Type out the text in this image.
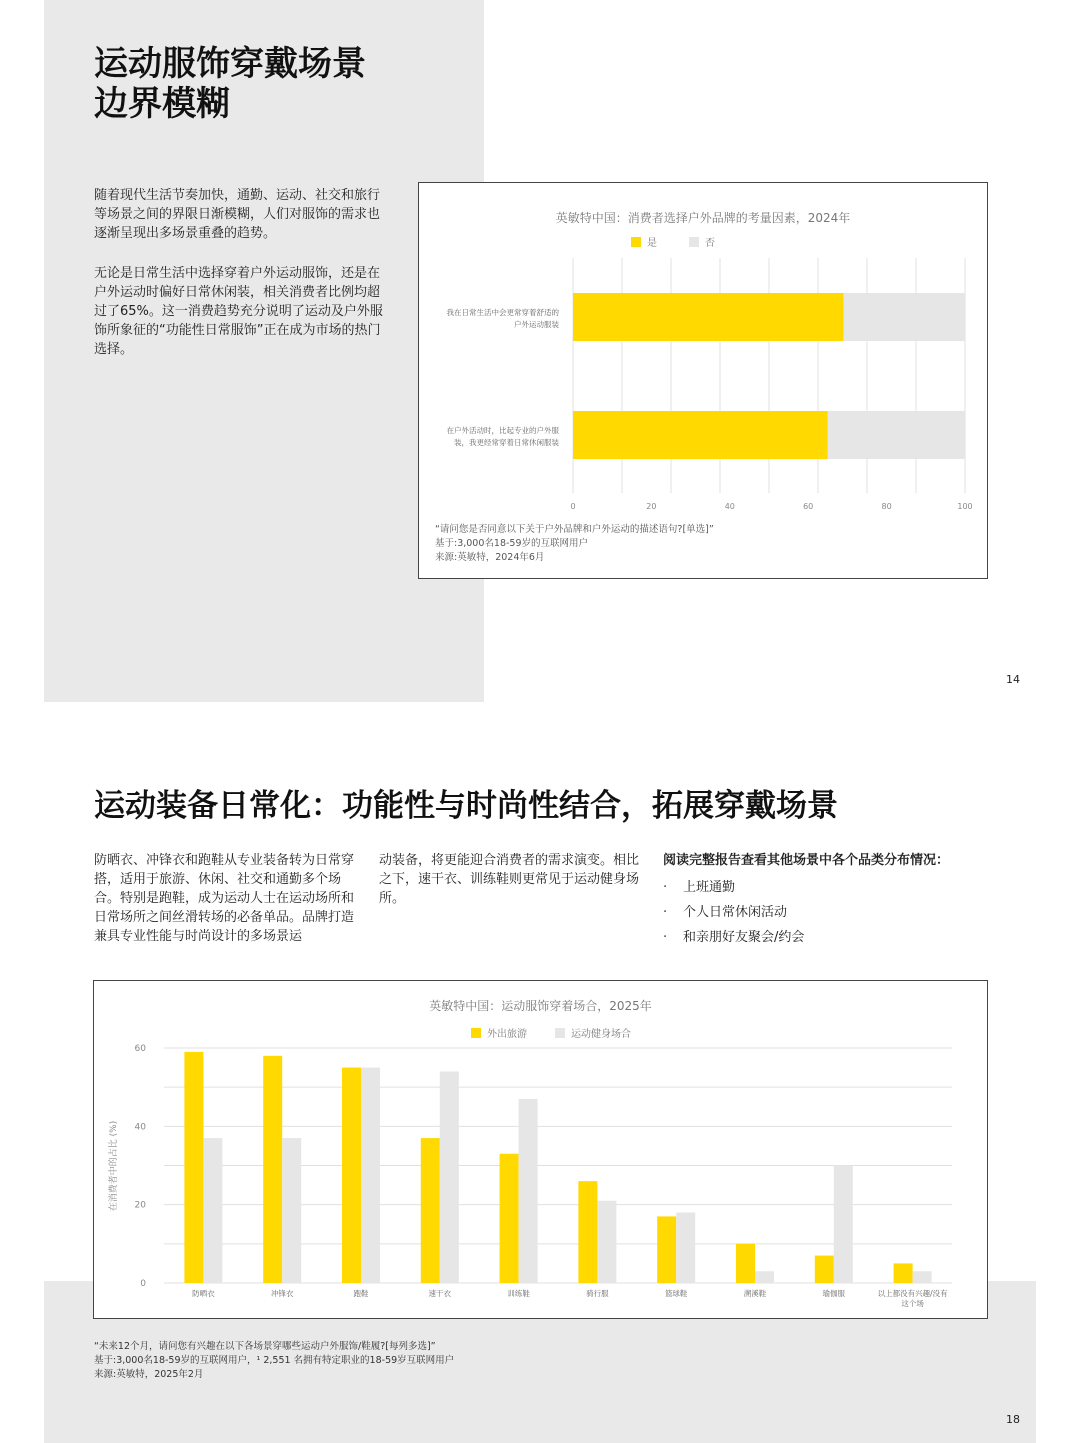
运动服饰穿戴场景
边界模糊

随着现代生活节奏加快，通勤、运动、社交和旅行等场景之间的界限日渐模糊，人们对服饰的需求也逐渐呈现出多场景重叠的趋势。

无论是日常生活中选择穿着户外运动服饰，还是在户外运动时偏好日常休闲装，相关消费者比例均超过了65%。这一消费趋势充分说明了运动及户外服饰所象征的“功能性日常服饰”正在成为市场的热门选择。

英敏特中国：消费者选择户外品牌的考量因素，2024年
是	否
0	20	40	60	80	100
我在日常生活中会更常穿着舒适的
户外运动服装
在户外活动时，比起专业的户外服
装，我更经常穿着日常休闲服装
“请问您是否同意以下关于户外品牌和户外运动的描述语句?[单选]”
基于:3,000名18-59岁的互联网用户
来源:英敏特，2024年6月
14
运动装备日常化：功能性与时尚性结合，拓展穿戴场景

防晒衣、冲锋衣和跑鞋从专业装备转为日常穿搭，适用于旅游、休闲、社交和通勤多个场合。特别是跑鞋，成为运动人士在运动场所和日常场所之间丝滑转场的必备单品。品牌打造兼具专业性能与时尚设计的多场景运

动装备，将更能迎合消费者的需求演变。相比之下，速干衣、训练鞋则更常见于运动健身场所。

阅读完整报告查看其他场景中各个品类分布情况：
·	上班通勤
·	个人日常休闲活动
·	和亲朋好友聚会/约会
英敏特中国：运动服饰穿着场合，2025年
外出旅游	运动健身场合
0
20
40
60
在消费者中的占比 (%)
防晒衣	冲锋衣	跑鞋	速干衣	训练鞋	骑行服	篮球鞋	溯溪鞋	瑜伽服	以上都没有兴趣/没有
这个场
“未来12个月，请问您有兴趣在以下各场景穿哪些运动户外服饰/鞋履?[每列多选]”
基于:3,000名18-59岁的互联网用户，¹ 2,551 名拥有特定职业的18-59岁互联网用户
来源:英敏特，2025年2月
18
